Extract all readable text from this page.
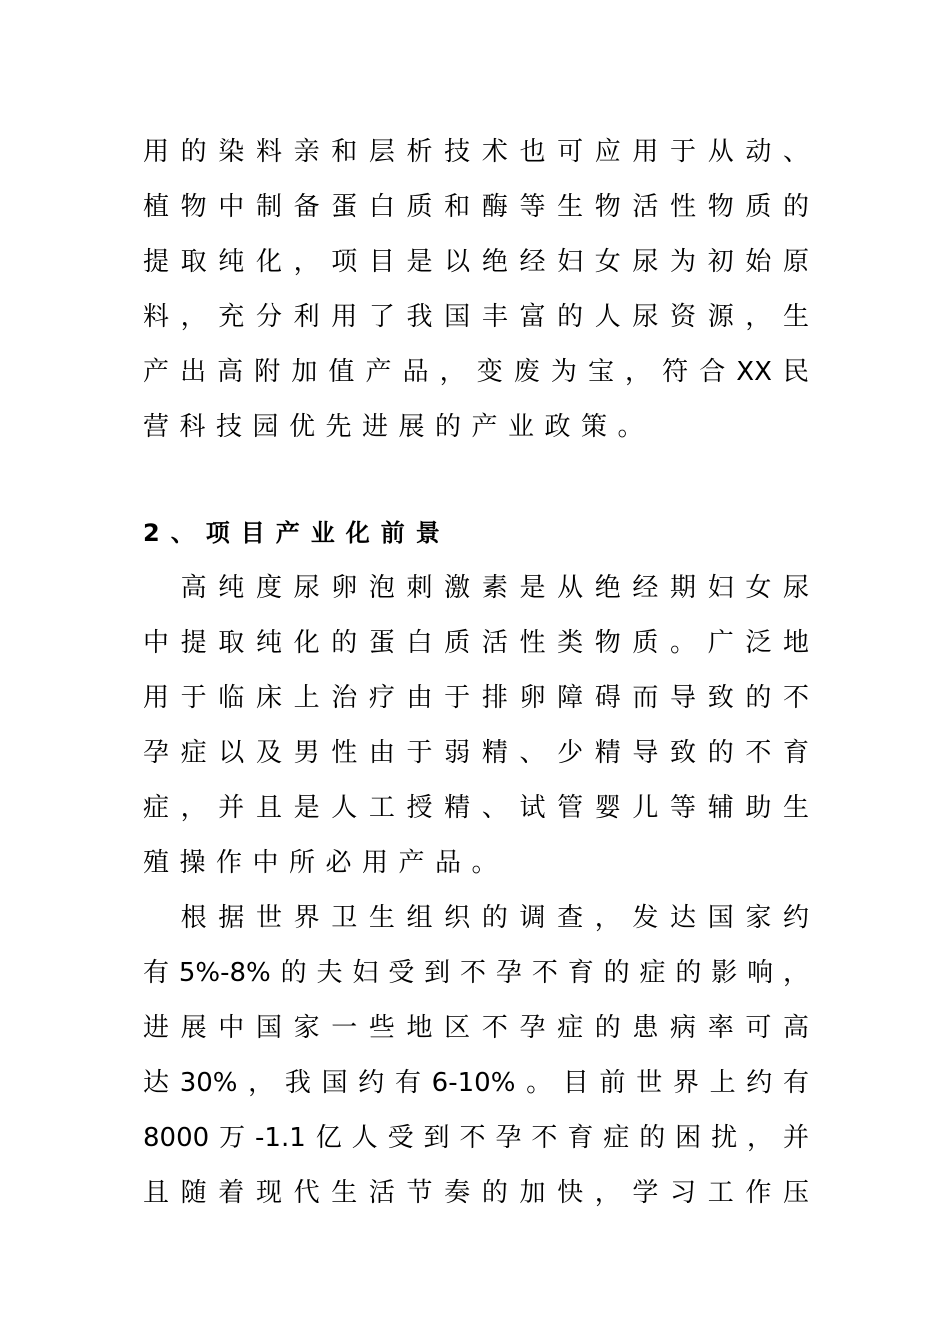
用的染料亲和层析技术也可应用于从动、
植物中制备蛋白质和酶等生物活性物质的
提取纯化，项目是以绝经妇女尿为初始原
料，充分利用了我国丰富的人尿资源，生
产出高附加值产品，变废为宝，符合XX民
营科技园优先进展的产业政策。
2、项目产业化前景
　高纯度尿卵泡刺激素是从绝经期妇女尿
中提取纯化的蛋白质活性类物质。广泛地
用于临床上治疗由于排卵障碍而导致的不
孕症以及男性由于弱精、少精导致的不育
症，并且是人工授精、试管婴儿等辅助生
殖操作中所必用产品。
　根据世界卫生组织的调查，发达国家约
有5%-8%的夫妇受到不孕不育的症的影响，
进展中国家一些地区不孕症的患病率可高
达30%，我国约有6-10%。目前世界上约有
8000万-1.1亿人受到不孕不育症的困扰，并
且随着现代生活节奏的加快，学习工作压
